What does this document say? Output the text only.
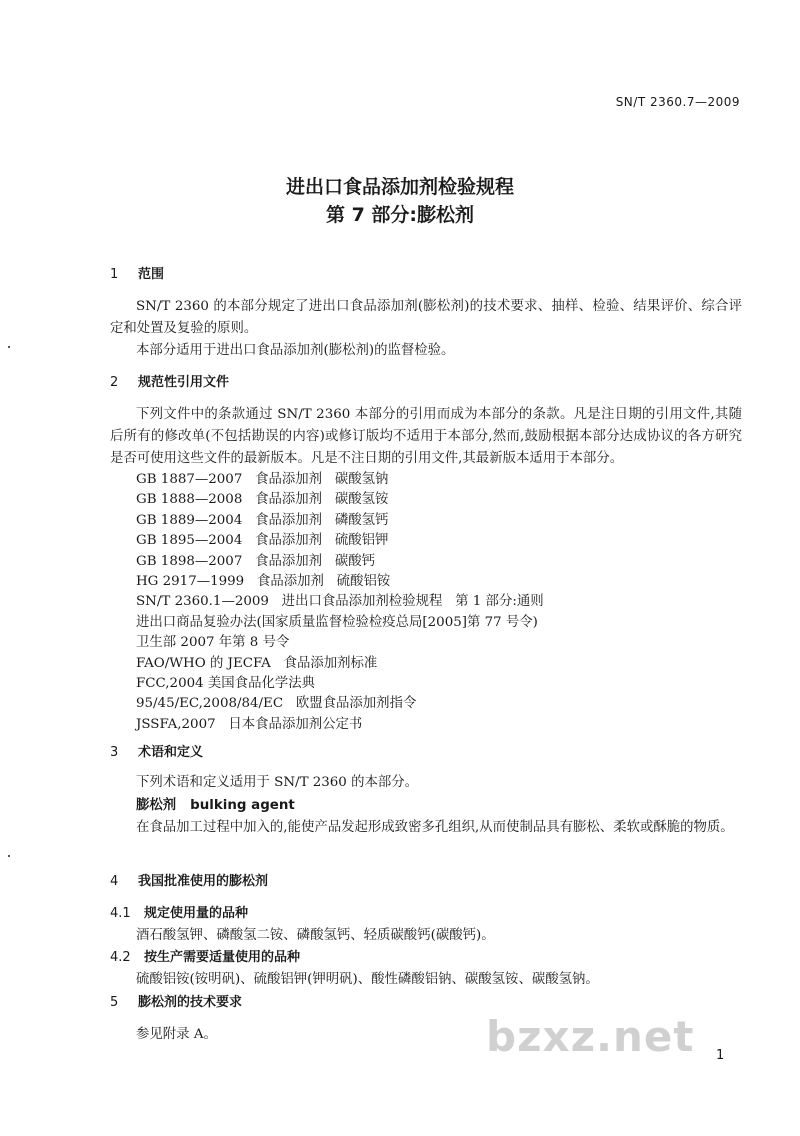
SN/T 2360.7—2009
进出口食品添加剂检验规程
第 7 部分:膨松剂
1 范围

SN/T 2360 的本部分规定了进出口食品添加剂(膨松剂)的技术要求、抽样、检验、结果评价、综合评定和处置及复验的原则。

本部分适用于进出口食品添加剂(膨松剂)的监督检验。

2 规范性引用文件

下列文件中的条款通过 SN/T 2360 本部分的引用而成为本部分的条款。凡是注日期的引用文件,其随后所有的修改单(不包括勘误的内容)或修订版均不适用于本部分,然而,鼓励根据本部分达成协议的各方研究是否可使用这些文件的最新版本。凡是不注日期的引用文件,其最新版本适用于本部分。

GB 1887—2007   食品添加剂   碳酸氢钠

GB 1888—2008   食品添加剂   碳酸氢铵

GB 1889—2004   食品添加剂   磷酸氢钙

GB 1895—2004   食品添加剂   硫酸铝钾

GB 1898—2007   食品添加剂   碳酸钙

HG 2917—1999   食品添加剂   硫酸铝铵

SN/T 2360.1—2009   进出口食品添加剂检验规程   第 1 部分:通则

进出口商品复验办法(国家质量监督检验检疫总局[2005]第 77 号令)

卫生部 2007 年第 8 号令

FAO/WHO 的 JECFA   食品添加剂标准

FCC,2004 美国食品化学法典

95/45/EC,2008/84/EC   欧盟食品添加剂指令

JSSFA,2007   日本食品添加剂公定书

3 术语和定义

下列术语和定义适用于 SN/T 2360 的本部分。

膨松剂 bulking agent

在食品加工过程中加入的,能使产品发起形成致密多孔组织,从而使制品具有膨松、柔软或酥脆的物质。

4 我国批准使用的膨松剂
4.1 规定使用量的品种

酒石酸氢钾、磷酸氢二铵、磷酸氢钙、轻质碳酸钙(碳酸钙)。

4.2 按生产需要适量使用的品种

硫酸铝铵(铵明矾)、硫酸铝钾(钾明矾)、酸性磷酸铝钠、碳酸氢铵、碳酸氢钠。

5 膨松剂的技术要求

参见附录 A。	bzxz.net 1
